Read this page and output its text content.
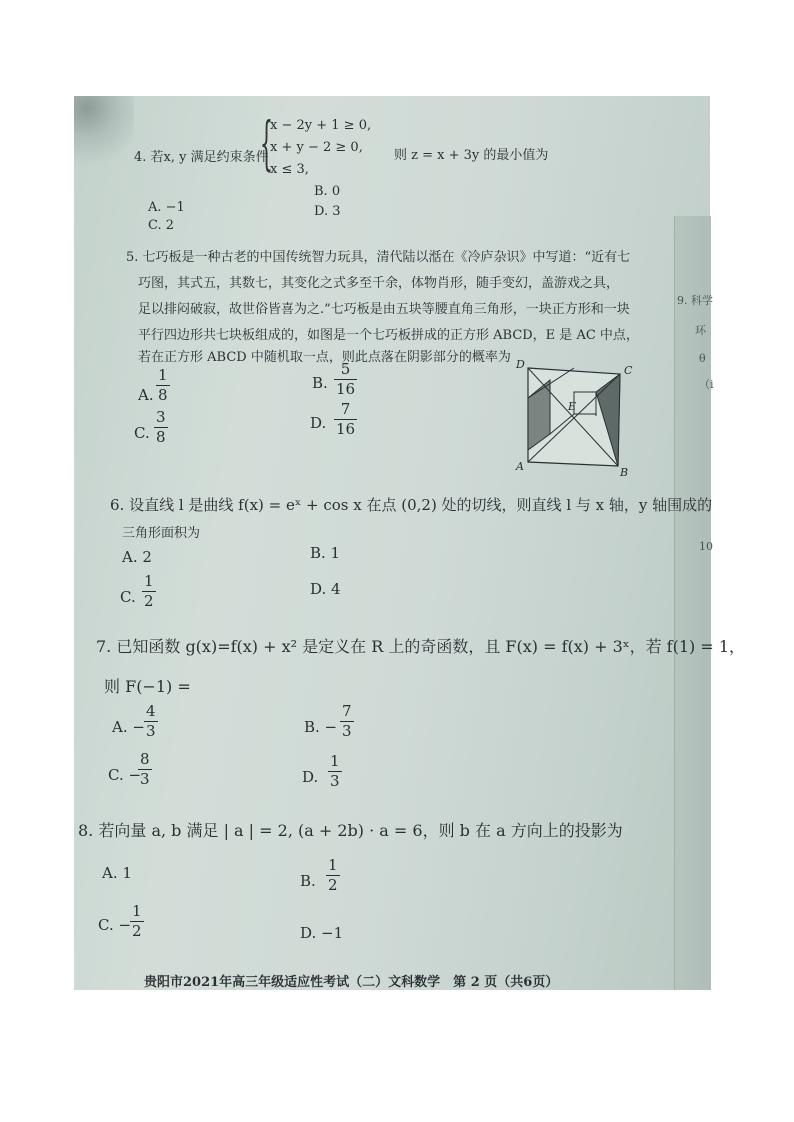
9. 科学
环
θ
（i
10
4. 若x, y 满足约束条件
{
x − 2y + 1 ≥ 0,
x + y − 2 ≥ 0,
则 z = x + 3y 的最小值为
x ≤ 3,
A. −1
B. 0
C. 2
D. 3
5. 七巧板是一种古老的中国传统智力玩具，清代陆以湉在《冷庐杂识》中写道：“近有七
巧图，其式五，其数七，其变化之式多至千余，体物肖形，随手变幻，盖游戏之具，
足以排闷破寂，故世俗皆喜为之.”七巧板是由五块等腰直角三角形，一块正方形和一块
平行四边形共七块板组成的，如图是一个七巧板拼成的正方形 ABCD，E 是 AC 中点，
若在正方形 ABCD 中随机取一点，则此点落在阴影部分的概率为
A. $\frac{1}{8}$	B. $\frac{5}{16}$
C. $\frac{3}{8}$	D. $\frac{7}{16}$
D	C
A	B
E
6. 设直线 l 是曲线 f(x) = eˣ + cos x 在点 (0,2) 处的切线，则直线 l 与 x 轴，y 轴围成的
三角形面积为
A. 2	B. 1
C. $\frac{1}{2}$	D. 4
7. 已知函数 g(x)=f(x) + x² 是定义在 R 上的奇函数，且 F(x) = f(x) + 3ˣ，若 f(1) = 1，
则 F(−1) =
A. − $\frac{4}{3}$	B. − $\frac{7}{3}$
C. −
$\frac{8}{3}$	D. $\frac{1}{3}$
8. 若向量 a, b 满足 | a | = 2, (a + 2b) · a = 6，则 b 在 a 方向上的投影为
A. 1	B. $\frac{1}{2}$
C. −
$\frac{1}{2}$	D. −1
贵阳市2021年高三年级适应性考试（二）文科数学　第 2 页（共6页）
